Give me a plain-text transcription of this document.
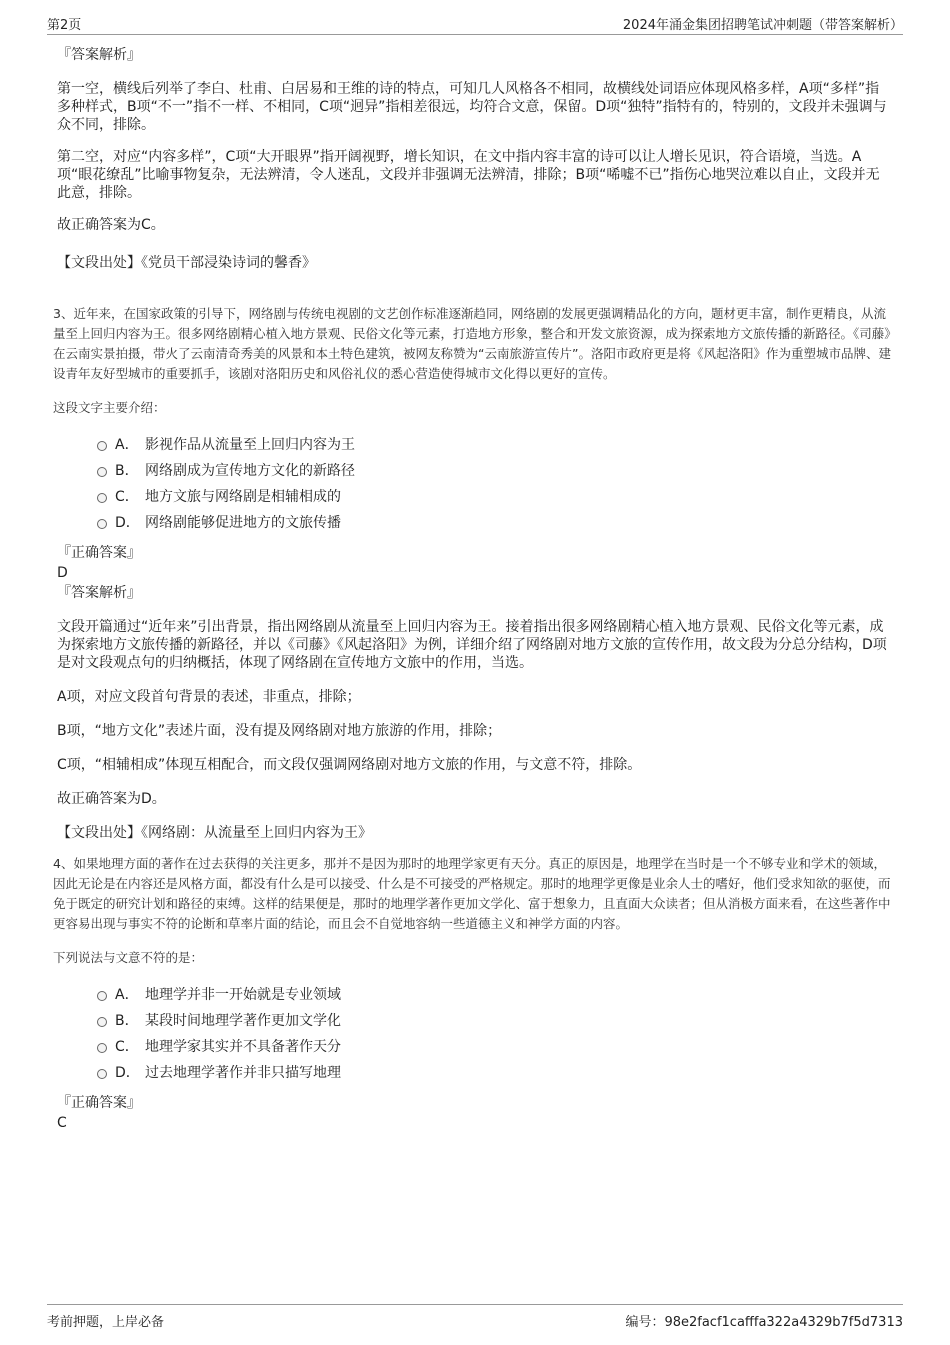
第2页	2024年涌金集团招聘笔试冲刺题（带答案解析）

『答案解析』

第一空，横线后列举了李白、杜甫、白居易和王维的诗的特点，可知几人风格各不相同，故横线处词语应体现风格多样，A项“多样”指多种样式，B项“不一”指不一样、不相同，C项“迥异”指相差很远，均符合文意，保留。D项“独特”指特有的，特别的，文段并未强调与众不同，排除。

第二空，对应“内容多样”，C项“大开眼界”指开阔视野，增长知识，在文中指内容丰富的诗可以让人增长见识，符合语境，当选。A项“眼花缭乱”比喻事物复杂，无法辨清，令人迷乱，文段并非强调无法辨清，排除；B项“唏嘘不已”指伤心地哭泣难以自止，文段并无此意，排除。

故正确答案为C。

【文段出处】《党员干部浸染诗词的馨香》

3、近年来，在国家政策的引导下，网络剧与传统电视剧的文艺创作标准逐渐趋同，网络剧的发展更强调精品化的方向，题材更丰富，制作更精良，从流量至上回归内容为王。很多网络剧精心植入地方景观、民俗文化等元素，打造地方形象，整合和开发文旅资源，成为探索地方文旅传播的新路径。《司藤》在云南实景拍摄，带火了云南清奇秀美的风景和本土特色建筑，被网友称赞为“云南旅游宣传片”。洛阳市政府更是将《风起洛阳》作为重塑城市品牌、建设青年友好型城市的重要抓手，该剧对洛阳历史和风俗礼仪的悉心营造使得城市文化得以更好的宣传。

这段文字主要介绍：

A． 影视作品从流量至上回归内容为王
B． 网络剧成为宣传地方文化的新路径
C． 地方文旅与网络剧是相辅相成的
D． 网络剧能够促进地方的文旅传播

『正确答案』

D

『答案解析』

文段开篇通过“近年来”引出背景，指出网络剧从流量至上回归内容为王。接着指出很多网络剧精心植入地方景观、民俗文化等元素，成为探索地方文旅传播的新路径，并以《司藤》《风起洛阳》为例，详细介绍了网络剧对地方文旅的宣传作用，故文段为分总分结构，D项是对文段观点句的归纳概括，体现了网络剧在宣传地方文旅中的作用，当选。

A项，对应文段首句背景的表述，非重点，排除；

B项，“地方文化”表述片面，没有提及网络剧对地方旅游的作用，排除；

C项，“相辅相成”体现互相配合，而文段仅强调网络剧对地方文旅的作用，与文意不符，排除。

故正确答案为D。

【文段出处】《网络剧：从流量至上回归内容为王》

4、如果地理方面的著作在过去获得的关注更多，那并不是因为那时的地理学家更有天分。真正的原因是，地理学在当时是一个不够专业和学术的领域，因此无论是在内容还是风格方面，都没有什么是可以接受、什么是不可接受的严格规定。那时的地理学更像是业余人士的嗜好，他们受求知欲的驱使，而免于既定的研究计划和路径的束缚。这样的结果便是，那时的地理学著作更加文学化、富于想象力，且直面大众读者；但从消极方面来看，在这些著作中更容易出现与事实不符的论断和草率片面的结论，而且会不自觉地容纳一些道德主义和神学方面的内容。

下列说法与文意不符的是：

A． 地理学并非一开始就是专业领域
B． 某段时间地理学著作更加文学化
C． 地理学家其实并不具备著作天分
D． 过去地理学著作并非只描写地理

『正确答案』

C

考前押题，上岸必备	编号：98e2facf1cafffa322a4329b7f5d7313
